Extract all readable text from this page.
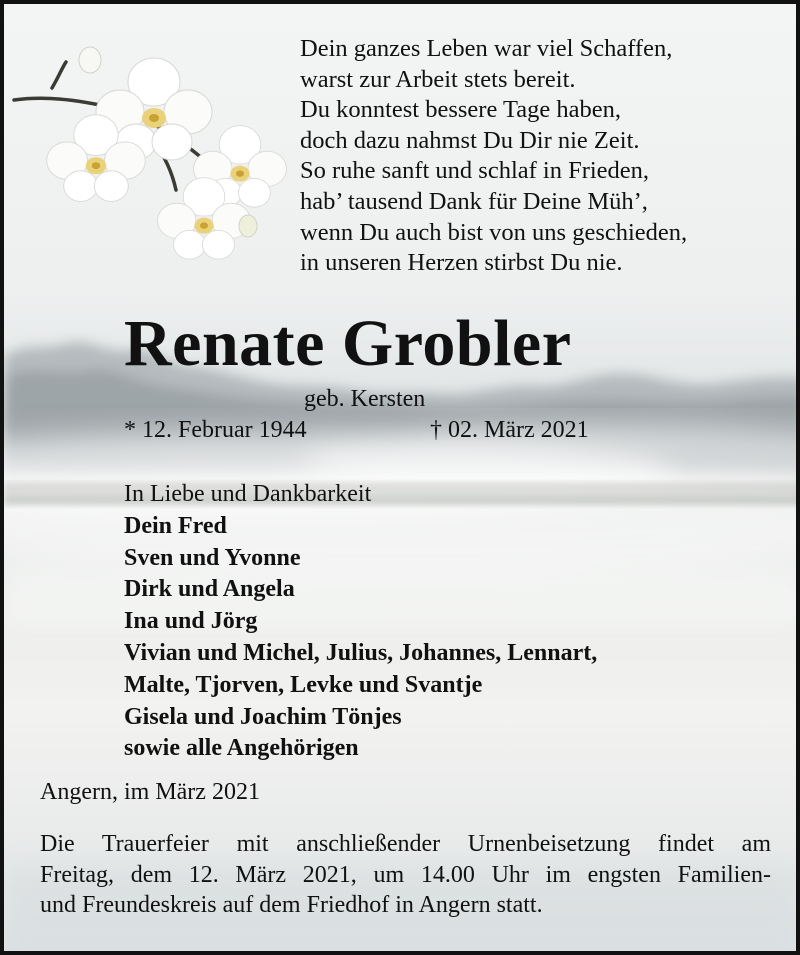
Dein ganzes Leben war viel Schaffen,
warst zur Arbeit stets bereit.
Du konntest bessere Tage haben,
doch dazu nahmst Du Dir nie Zeit.
So ruhe sanft und schlaf in Frieden,
hab’ tausend Dank für Deine Müh’,
wenn Du auch bist von uns geschieden,
in unseren Herzen stirbst Du nie.
Renate Grobler
geb. Kersten
* 12. Februar 1944	† 02. März 2021
In Liebe und Dankbarkeit
Dein Fred
Sven und Yvonne
Dirk und Angela
Ina und Jörg
Vivian und Michel, Julius, Johannes, Lennart,
Malte, Tjorven, Levke und Svantje
Gisela und Joachim Tönjes
sowie alle Angehörigen
Angern, im März 2021
Die Trauerfeier mit anschließender Urnenbeisetzung findet am
Freitag, dem 12. März 2021, um 14.00 Uhr im engsten Familien-
und Freundeskreis auf dem Friedhof in Angern statt.
